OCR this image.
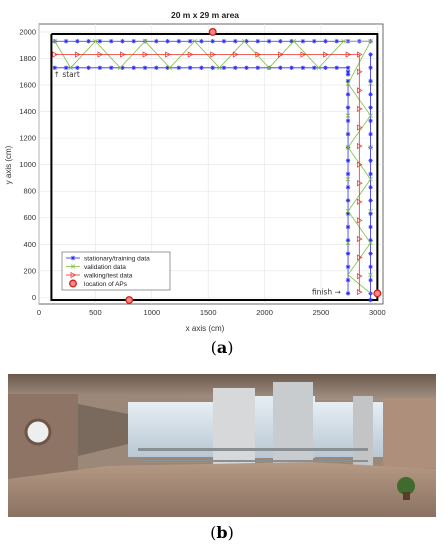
20 m x 29 m area
x axis (cm)
y axis (cm)
0	500	1000	1500	2000	2500	3000
0
200
400
600
800
1000
1200
1400
1600
1800
2000
↑ start
finish →
stationary/training data
validation data
walking/test data
location of APs
(a)
(b)
